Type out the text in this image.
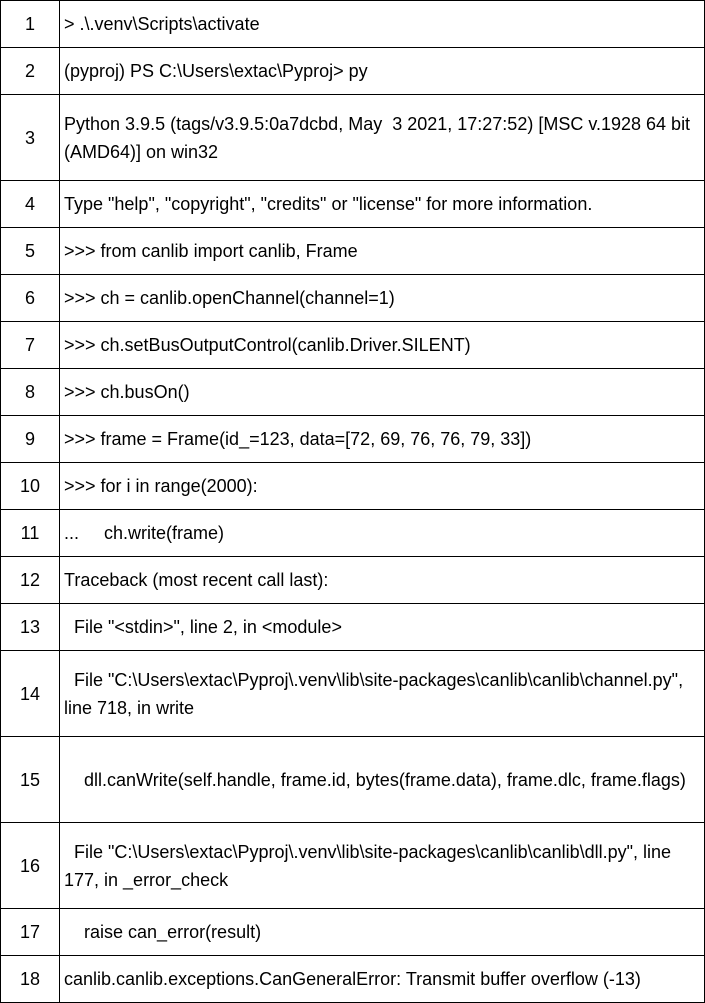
1	> .\.venv\Scripts\activate
2	(pyproj) PS C:\Users\extac\Pyproj> py
3	Python 3.9.5 (tags/v3.9.5:0a7dcbd, May  3 2021, 17:27:52) [MSC v.1928 64 bit (AMD64)] on win32
4	Type "help", "copyright", "credits" or "license" for more information.
5	>>> from canlib import canlib, Frame
6	>>> ch = canlib.openChannel(channel=1)
7	>>> ch.setBusOutputControl(canlib.Driver.SILENT)
8	>>> ch.busOn()
9	>>> frame = Frame(id_=123, data=[72, 69, 76, 76, 79, 33])
10	>>> for i in range(2000):
11	...     ch.write(frame)
12	Traceback (most recent call last):
13	File "<stdin>", line 2, in <module>
14	File "C:\Users\extac\Pyproj\.venv\lib\site-packages\canlib\canlib\channel.py", line 718, in write
15	dll.canWrite(self.handle, frame.id, bytes(frame.data), frame.dlc, frame.flags)
16	File "C:\Users\extac\Pyproj\.venv\lib\site-packages\canlib\canlib\dll.py", line 177, in _error_check
17	raise can_error(result)
18	canlib.canlib.exceptions.CanGeneralError: Transmit buffer overflow (-13)
